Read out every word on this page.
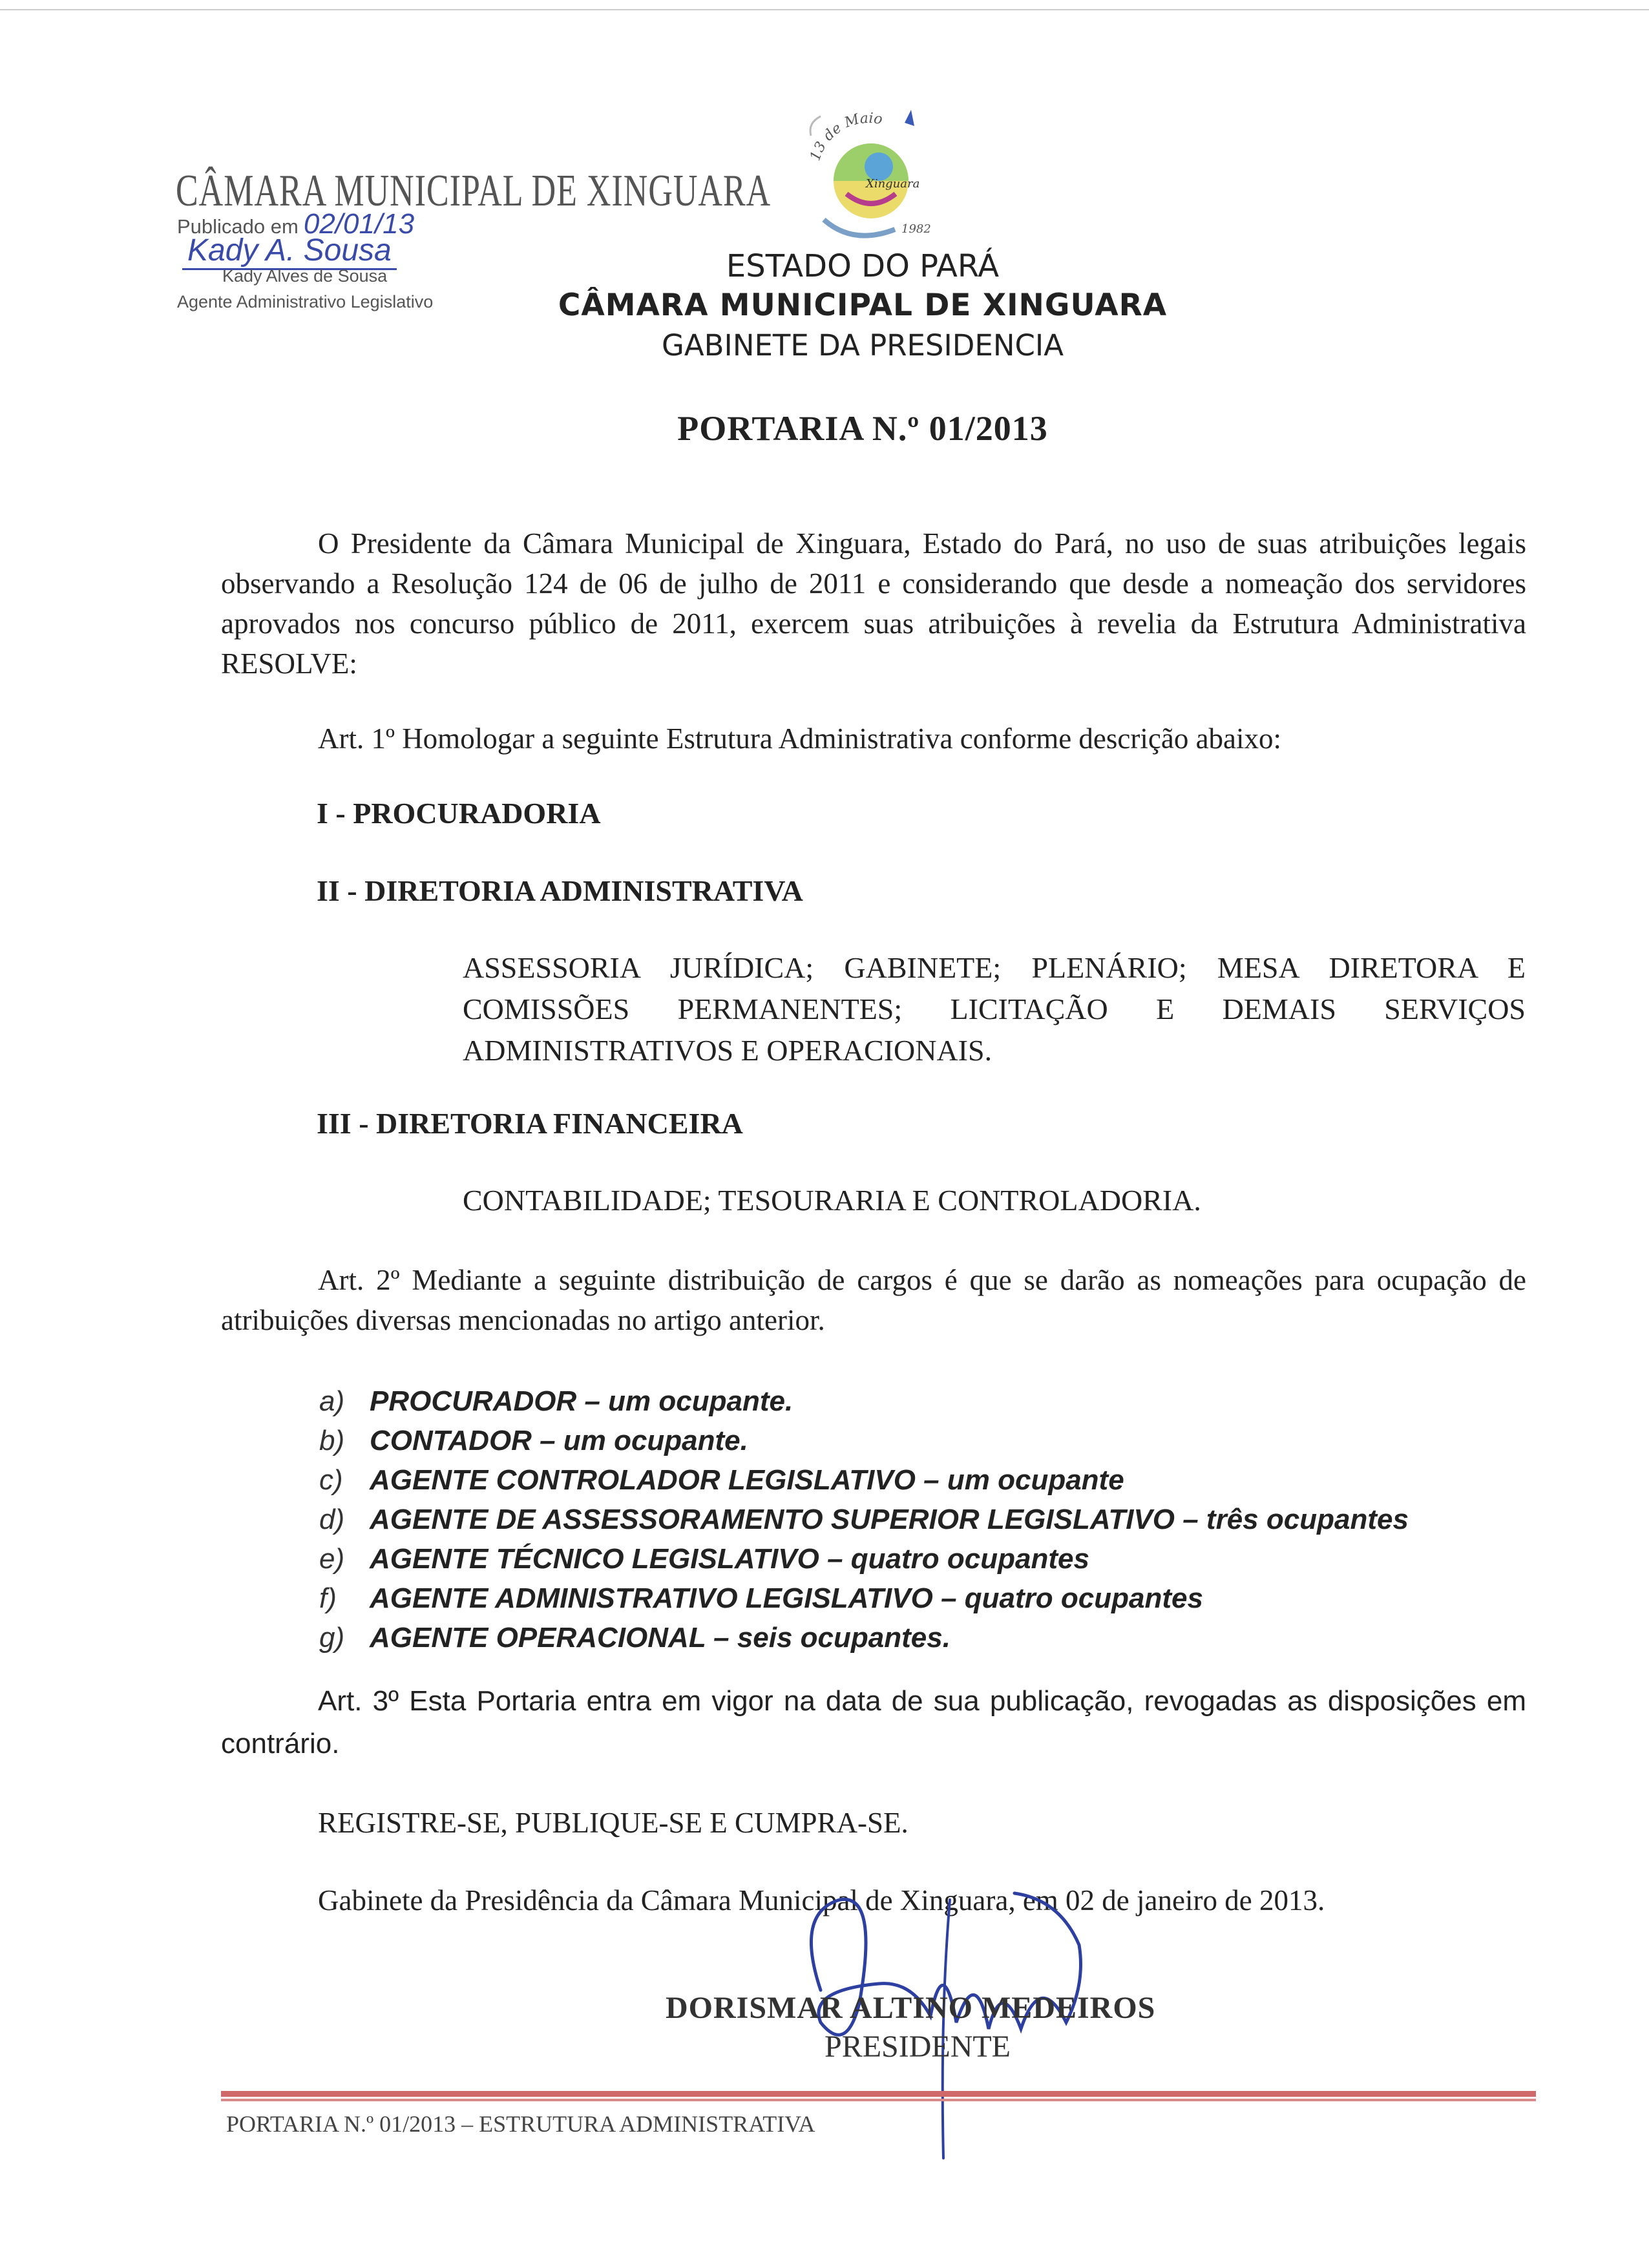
CÂMARA MUNICIPAL DE XINGUARA
Publicado em 02/01/13
Kady A. Sousa
Kady Alves de Sousa
Agente Administrativo Legislativo
13 de Maio
Xinguara
1982
ESTADO DO PARÁ
CÂMARA MUNICIPAL DE XINGUARA
GABINETE DA PRESIDENCIA
PORTARIA N.º 01/2013
O Presidente da Câmara Municipal de Xinguara, Estado do Pará, no uso de suas atribuições legais observando a Resolução 124 de 06 de julho de 2011 e considerando que desde a nomeação dos servidores aprovados nos concurso público de 2011, exercem suas atribuições à revelia da Estrutura Administrativa RESOLVE:
Art. 1º Homologar a seguinte Estrutura Administrativa conforme descrição abaixo:
I - PROCURADORIA
II - DIRETORIA ADMINISTRATIVA
ASSESSORIA JURÍDICA; GABINETE; PLENÁRIO; MESA DIRETORA E COMISSÕES PERMANENTES; LICITAÇÃO E DEMAIS SERVIÇOS ADMINISTRATIVOS E OPERACIONAIS.
III - DIRETORIA FINANCEIRA
CONTABILIDADE; TESOURARIA E CONTROLADORIA.
Art. 2º Mediante a seguinte distribuição de cargos é que se darão as nomeações para ocupação de atribuições diversas mencionadas no artigo anterior.
a) PROCURADOR – um ocupante.
b) CONTADOR – um ocupante.
c) AGENTE CONTROLADOR LEGISLATIVO – um ocupante
d) AGENTE DE ASSESSORAMENTO SUPERIOR LEGISLATIVO – três ocupantes
e) AGENTE TÉCNICO LEGISLATIVO – quatro ocupantes
f)	AGENTE ADMINISTRATIVO LEGISLATIVO – quatro ocupantes
g) AGENTE OPERACIONAL – seis ocupantes.
Art. 3º Esta Portaria entra em vigor na data de sua publicação, revogadas as disposições em contrário.
REGISTRE-SE, PUBLIQUE-SE E CUMPRA-SE.
Gabinete da Presidência da Câmara Municipal de Xinguara, em 02 de janeiro de 2013.
DORISMAR ALTINO MEDEIROS
PRESIDENTE
PORTARIA N.º 01/2013 – ESTRUTURA ADMINISTRATIVA
